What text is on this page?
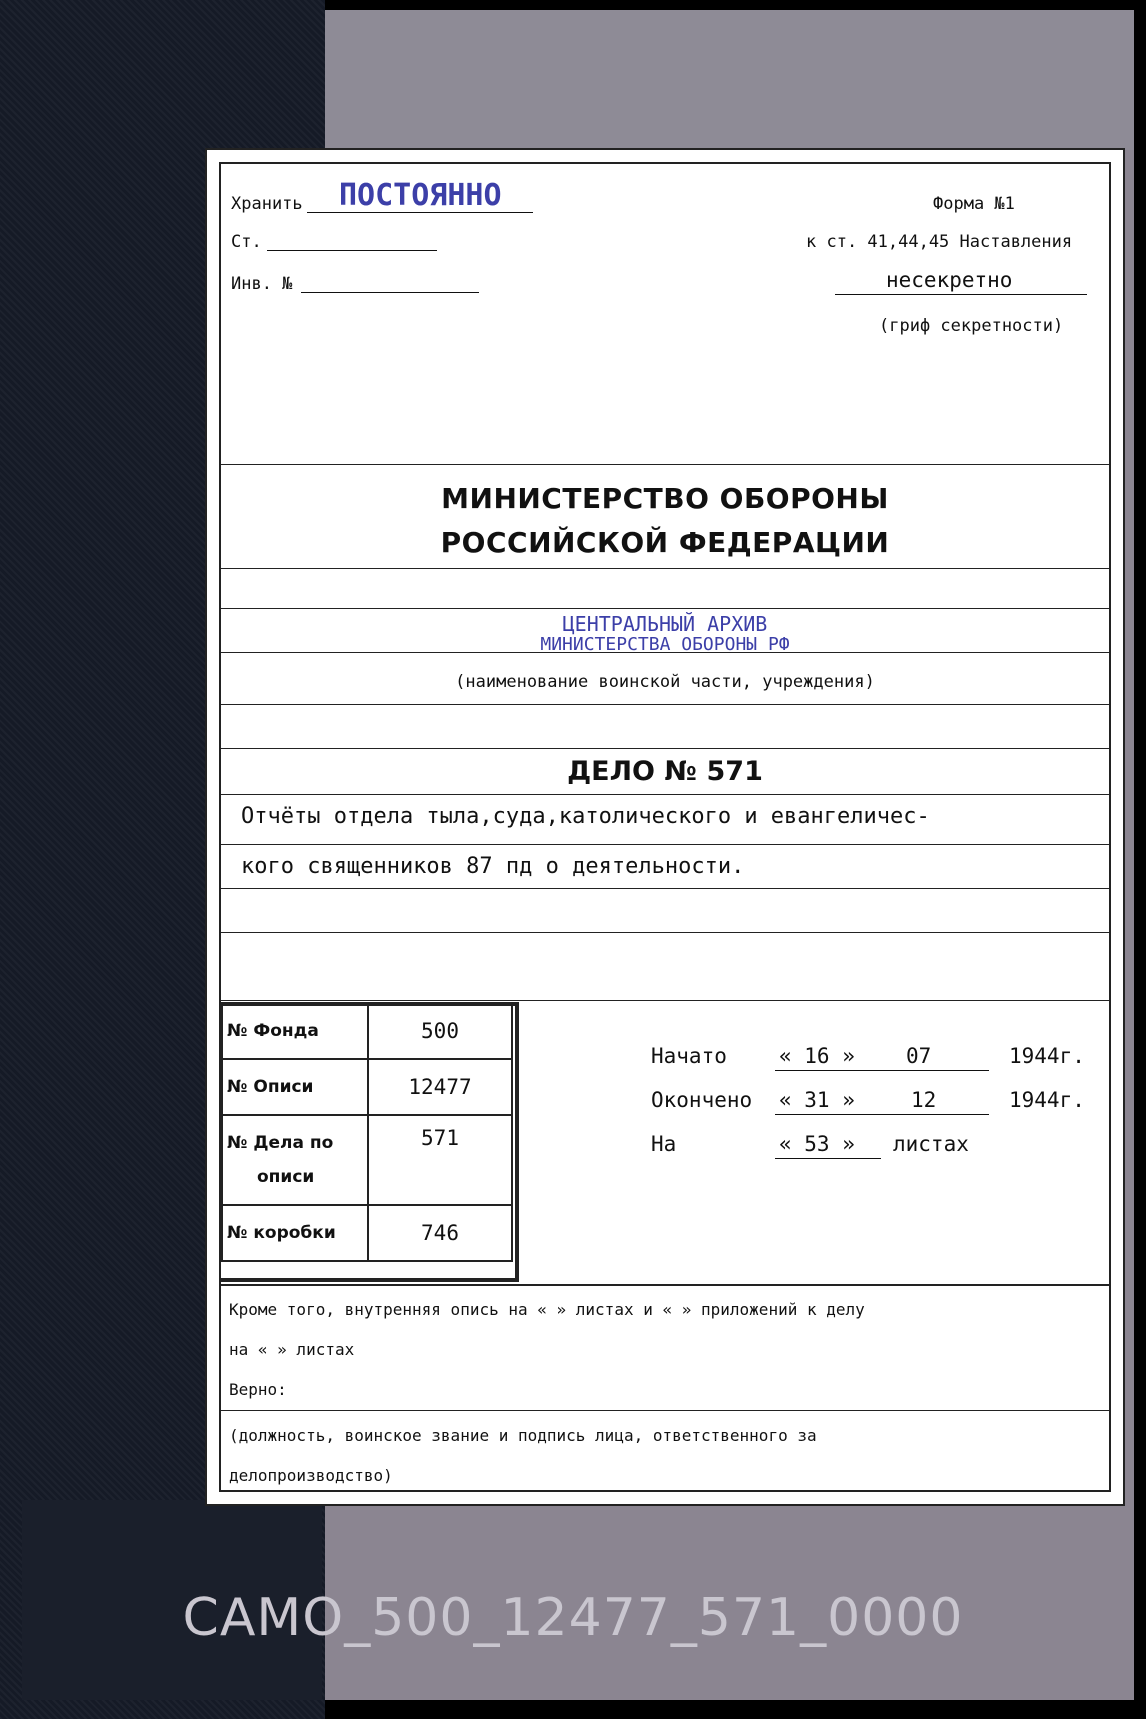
Хранить ПОСТОЯННО	Форма №1
Ст.	к ст. 41,44,45 Наставления
Инв. №	несекретно
(гриф секретности)
МИНИСТЕРСТВО ОБОРОНЫ
РОССИЙСКОЙ ФЕДЕРАЦИИ
ЦЕНТРАЛЬНЫЙ АРХИВ
МИНИСТЕРСТВА ОБОРОНЫ РФ
(наименование воинской части, учреждения)
ДЕЛО № 571
Отчёты отдела тыла,суда,католического и евангеличес-
кого священников 87 пд о деятельности.
№ Фонда	500
№ Описи	12477

№ Дела по
описи	571
№ коробки	746
Начато « 16 » 07	1944г.
Окончено « 31 »	12	1944г.
На	« 53 » листах
Кроме того, внутренняя опись на « » листах и « » приложений к делу
на « » листах
Верно:
(должность, воинское звание и подпись лица, ответственного за
делопроизводство)
CAMO_500_12477_571_0000
